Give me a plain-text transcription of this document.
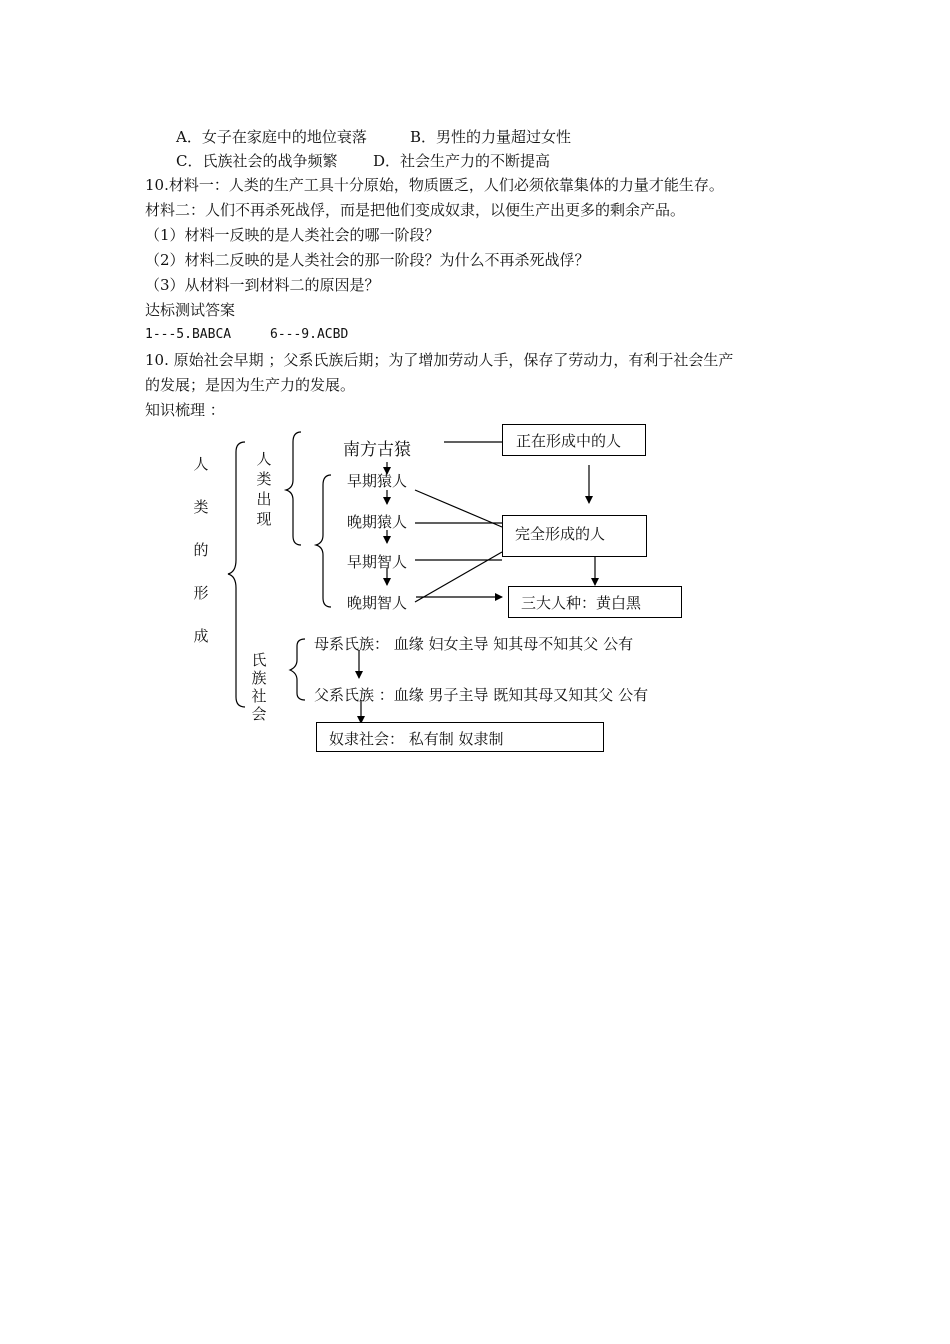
A．女子在家庭中的地位衰落	B．男性的力量超过女性
C．氏族社会的战争频繁 D．社会生产力的不断提高
10.材料一：人类的生产工具十分原始，物质匮乏，人们必须依靠集体的力量才能生存。
材料二：人们不再杀死战俘，而是把他们变成奴隶，以便生产出更多的剩余产品。
（1）材料一反映的是人类社会的哪一阶段？
（2）材料二反映的是人类社会的那一阶段？为什么不再杀死战俘？
（3）从材料一到材料二的原因是？
达标测试答案
1---5.BABCA	6---9.ACBD
10. 原始社会早期 ；父系氏族后期；为了增加劳动人手，保存了劳动力，有利于社会生产
的发展；是因为生产力的发展。
知识梳理 ：
人
类
的
形
成
人
类
出
现
氏
族
社
会
南方古猿
早期猿人
晚期猿人
早期智人
晚期智人
正在形成中的人
完全形成的人
三大人种：黄白黑
母系氏族： 血缘 妇女主导 知其母不知其父 公有
父系氏族 ：血缘 男子主导 既知其母又知其父 公有
奴隶社会： 私有制 奴隶制
